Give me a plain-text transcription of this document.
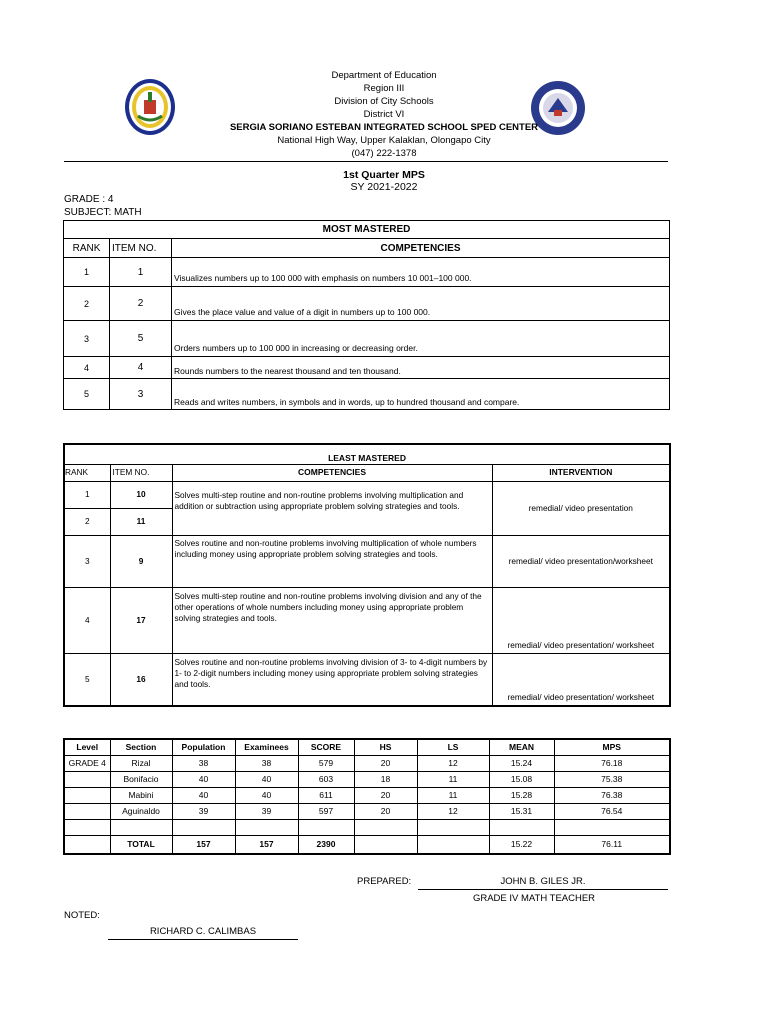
Department of Education
Region III
Division of City Schools
District VI
SERGIA SORIANO ESTEBAN INTEGRATED SCHOOL SPED CENTER
National High Way, Upper Kalaklan, Olongapo City
(047) 222-1378
1st Quarter MPS
SY 2021-2022
GRADE : 4
SUBJECT: MATH
MOST MASTERED		
RANK	ITEM NO.	COMPETENCIES
1	1	Visualizes numbers up to 100 000 with emphasis on numbers 10 001–100 000.
2	2	Gives the place value and value of a digit in numbers up to 100 000.
3	5	Orders numbers up to 100 000 in increasing or decreasing order.
4	4	Rounds numbers to the nearest thousand and ten thousand.
5	3	Reads and writes numbers, in symbols and in words, up to hundred thousand and compare.
LEAST MASTERED			
RANK	ITEM NO.	COMPETENCIES	INTERVENTION
1	10	Solves multi-step routine and non-routine problems involving multiplication and addition or subtraction using appropriate problem solving strategies and tools.	remedial/ video presentation
2	11		
3	9	Solves routine and non-routine problems involving multiplication of whole numbers including money using appropriate problem solving strategies and tools.	remedial/ video presentation/worksheet
4	17	Solves multi-step routine and non-routine problems involving division and any of the other operations of whole numbers including money using appropriate problem solving strategies and tools.	remedial/ video presentation/ worksheet
5	16	Solves routine and non-routine problems involving division of 3- to 4-digit numbers by 1- to 2-digit numbers including money using appropriate problem solving strategies and tools.	remedial/ video presentation/ worksheet
Level	Section	Population	Examinees	SCORE	HS	LS	MEAN	MPS
GRADE 4	Rizal	38	38	579	20	12	15.24	76.18
	Bonifacio	40	40	603	18	11	15.08	75.38
	Mabini	40	40	611	20	11	15.28	76.38
	Aguinaldo	39	39	597	20	12	15.31	76.54

	TOTAL	157	157	2390			15.22	76.11
PREPARED:	JOHN B. GILES JR.
GRADE IV MATH TEACHER
NOTED:
RICHARD C. CALIMBAS
